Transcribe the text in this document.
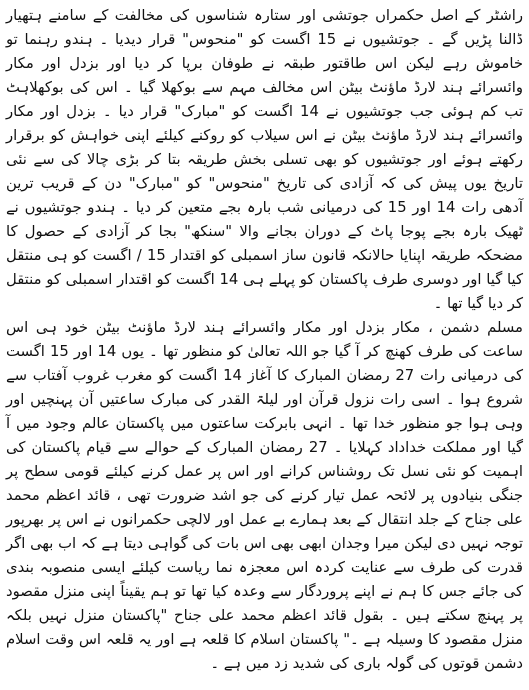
راشٹر کے اصل حکمراں جوتشی اور ستارہ شناسوں کی مخالفت کے سامنے ہتھیار ڈالنا پڑیں گے ۔ جوتشیوں نے 15 اگست کو "منحوس" قرار دیدیا ۔ ہندو رہنما تو خاموش رہے لیکن اس طاقتور طبقہ نے طوفان برپا کر دیا اور بزدل اور مکار وائسرائے ہند لارڈ ماؤنٹ بیٹن اس مخالف مہم سے بوکھلا گیا ۔ اس کی بوکھلاہٹ تب کم ہوئی جب جوتشیوں نے 14 اگست کو "مبارک" قرار دیا ۔ بزدل اور مکار وائسرائے ہند لارڈ ماؤنٹ بیٹن نے اس سیلاب کو روکنے کیلئے اپنی خواہش کو برقرار رکھتے ہوئے اور جوتشیوں کو بھی تسلی بخش طریقہ بتا کر بڑی چالا کی سے نئی تاریخ یوں پیش کی کہ آزادی کی تاریخ "منحوس" کو "مبارک" دن کے قریب ترین آدھی رات 14 اور 15 کی درمیانی شب بارہ بجے متعین کر دیا ۔ ہندو جوتشیوں نے ٹھیک بارہ بجے پوجا پاٹ کے دوران بجانے والا "سنکھ" بجا کر آزادی کے حصول کا مضحکہ طریقہ اپنایا حالانکہ قانون ساز اسمبلی کو اقتدار 15 / اگست کو ہی منتقل کیا گیا اور دوسری طرف پاکستان کو پہلے ہی 14 اگست کو اقتدار اسمبلی کو منتقل کر دیا گیا تھا ۔

مسلم دشمن ، مکار بزدل اور مکار وائسرائے ہند لارڈ ماؤنٹ بیٹن خود ہی اس ساعت کی طرف کھنچ کر آ گیا جو اللہ تعالیٰ کو منظور تھا ۔ یوں 14 اور 15 اگست کی درمیانی رات 27 رمضان المبارک کا آغاز 14 اگست کو مغرب غروب آفتاب سے شروع ہوا ۔ اسی رات نزول قرآن اور لیلۃ القدر کی مبارک ساعتیں آن پہنچیں اور وہی ہوا جو منظور خدا تھا ۔ انہی بابرکت ساعتوں میں پاکستان عالم وجود میں آ گیا اور مملکت خداداد کہلایا ۔ 27 رمضان المبارک کے حوالے سے قیام پاکستان کی اہمیت کو نئی نسل تک روشناس کرانے اور اس پر عمل کرنے کیلئے قومی سطح پر جنگی بنیادوں پر لائحہ عمل تیار کرنے کی جو اشد ضرورت تھی ، قائد اعظم محمد علی جناح کے جلد انتقال کے بعد ہمارے بے عمل اور لالچی حکمرانوں نے اس پر بھرپور توجہ نہیں دی لیکن میرا وجدان ابھی بھی اس بات کی گواہی دیتا ہے کہ اب بھی اگر قدرت کی طرف سے عنایت کردہ اس معجزہ نما ریاست کیلئے ایسی منصوبہ بندی کی جائے جس کا ہم نے اپنے پروردگار سے وعدہ کیا تھا تو ہم یقیناً اپنی منزل مقصود پر پہنچ سکتے ہیں ۔ بقول قائد اعظم محمد علی جناح "پاکستان منزل نہیں بلکہ منزل مقصود کا وسیلہ ہے ۔" پاکستان اسلام کا قلعہ ہے اور یہ قلعہ اس وقت اسلام دشمن قوتوں کی گولہ باری کی شدید زد میں ہے ۔
